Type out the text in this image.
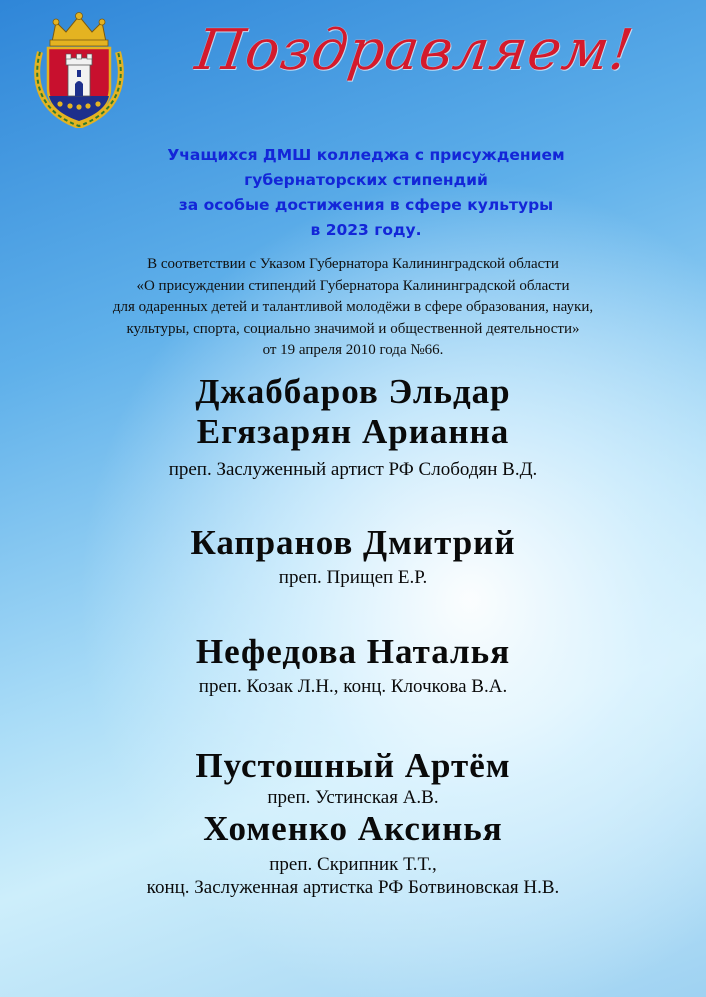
Поздравляем!
Учащихся ДМШ колледжа с присуждением
губернаторских стипендий
за особые достижения в сфере культуры
в 2023 году.
В соответствии с Указом Губернатора Калининградской области
«О присуждении стипендий Губернатора Калининградской области
для одаренных детей и талантливой молодёжи в сфере образования, науки,
культуры, спорта, социально значимой и общественной деятельности»
от 19 апреля 2010 года №66.
Джаббаров Эльдар
Егязарян Арианна
преп. Заслуженный артист РФ Слободян В.Д.
Капранов Дмитрий
преп. Прищеп Е.Р.
Нефедова Наталья
преп. Козак Л.Н., конц. Клочкова В.А.
Пустошный Артём
преп. Устинская А.В.
Хоменко Аксинья
преп. Скрипник Т.Т.,
конц. Заслуженная артистка РФ Ботвиновская Н.В.
